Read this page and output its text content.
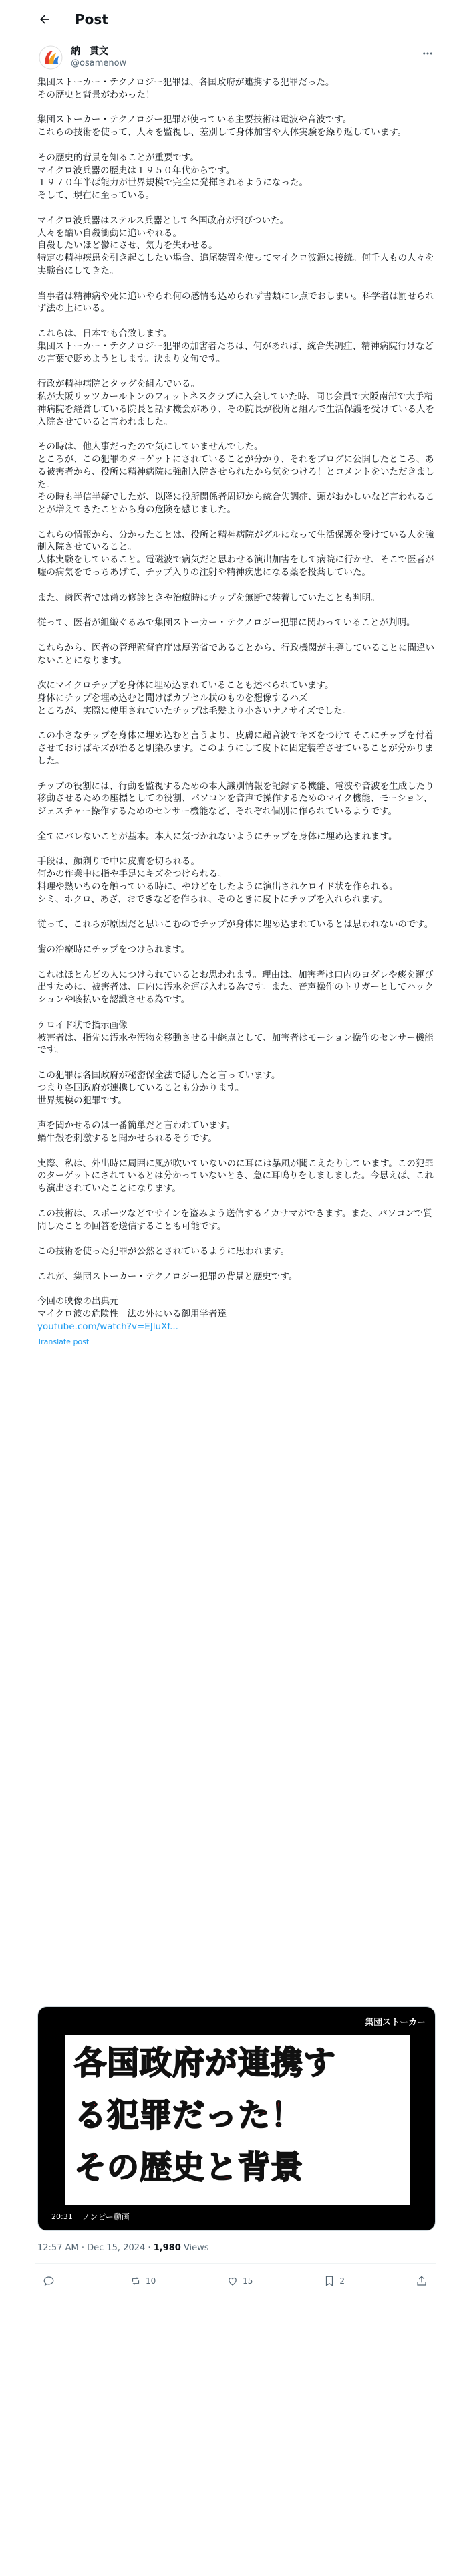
Post
納　貫文
@osamenow
集団ストーカー・テクノロジー犯罪は、各国政府が連携する犯罪だった。
その歴史と背景がわかった！
集団ストーカー・テクノロジー犯罪が使っている主要技術は電波や音波です。
これらの技術を使って、人々を監視し、差別して身体加害や人体実験を繰り返しています。
その歴史的背景を知ることが重要です。
マイクロ波兵器の歴史は１９５０年代からです。
１９７０年半ば能力が世界規模で完全に発揮されるようになった。
そして、現在に至っている。
マイクロ波兵器はステルス兵器として各国政府が飛びついた。
人々を酷い自殺衝動に追いやれる。
自殺したいほど鬱にさせ、気力を失わせる。
特定の精神疾患を引き起こしたい場合、追尾装置を使ってマイクロ波源に接続。何千人もの人々を実験台にしてきた。
当事者は精神病や死に追いやられ何の感情も込められず書類にレ点でおしまい。科学者は罰せられず法の上にいる。
これらは、日本でも合致します。
集団ストーカー・テクノロジー犯罪の加害者たちは、何があれば、統合失調症、精神病院行けなどの言葉で貶めようとします。決まり文句です。
行政が精神病院とタッグを組んでいる。
私が大阪リッツカールトンのフィットネスクラブに入会していた時、同じ会員で大阪南部で大手精神病院を経営している院長と話す機会があり、その院長が役所と組んで生活保護を受けている人を入院させていると言われました。
その時は、他人事だったので気にしていませんでした。
ところが、この犯罪のターゲットにされていることが分かり、それをブログに公開したところ、ある被害者から、役所に精神病院に強制入院させられたから気をつけろ！とコメントをいただきました。
その時も半信半疑でしたが、以降に役所関係者周辺から統合失調症、頭がおかしいなど言われることが増えてきたことから身の危険を感じました。
これらの情報から、分かったことは、役所と精神病院がグルになって生活保護を受けている人を強制入院させていること。
人体実験をしていること。電磁波で病気だと思わせる演出加害をして病院に行かせ、そこで医者が嘘の病気をでっちあげて、チップ入りの注射や精神疾患になる薬を投薬していた。
また、歯医者では歯の修診ときや治療時にチップを無断で装着していたことも判明。
従って、医者が組織ぐるみで集団ストーカー・テクノロジー犯罪に関わっていることが判明。
これらから、医者の管理監督官庁は厚労省であることから、行政機関が主導していることに間違いないことになります。
次にマイクロチップを身体に埋め込まれていることも述べられています。
身体にチップを埋め込むと聞けばカプセル状のものを想像するハズ
ところが、実際に使用されていたチップは毛髪より小さいナノサイズでした。
この小さなチップを身体に埋め込むと言うより、皮膚に超音波でキズをつけてそこにチップを付着させておけばキズが治ると馴染みます。このようにして皮下に固定装着させていることが分かりました。
チップの役割には、行動を監視するための本人識別情報を記録する機能、電波や音波を生成したり移動させるための座標としての役割、パソコンを音声で操作するためのマイク機能、モーション、ジェスチャー操作するためのセンサー機能など、それぞれ個別に作られているようです。
全てにバレないことが基本。本人に気づかれないようにチップを身体に埋め込まれます。
手段は、顔剃りで中に皮膚を切られる。
何かの作業中に指や手足にキズをつけられる。
料理や熱いものを触っている時に、やけどをしたように演出されケロイド状を作られる。
シミ、ホクロ、あざ、おできなどを作られ、そのときに皮下にチップを入れられます。
従って、これらが原因だと思いこむのでチップが身体に埋め込まれているとは思われないのです。
歯の治療時にチップをつけられます。
これはほとんどの人につけられているとお思われます。理由は、加害者は口内のヨダレや痰を運び出すために、被害者は、口内に汚水を運び入れる為です。また、音声操作のトリガーとしてハックションや咳払いを認識させる為です。
ケロイド状で指示画像
被害者は、指先に汚水や汚物を移動させる中継点として、加害者はモーション操作のセンサー機能です。
この犯罪は各国政府が秘密保全法で隠したと言っています。
つまり各国政府が連携していることも分かります。
世界規模の犯罪です。
声を聞かせるのは一番簡単だと言われています。
蝸牛殻を刺激すると聞かせられるそうです。
実際、私は、外出時に周囲に風が吹いていないのに耳には暴風が聞こえたりしています。この犯罪のターゲットにされているとは分かっていないとき、急に耳鳴りをしましました。今思えば、これも演出されていたことになります。
この技術は、スポーツなどでサインを盗みよう送信するイカサマができます。また、パソコンで質問したことの回答を送信することも可能です。
この技術を使った犯罪が公然とされているように思われます。
これが、集団ストーカー・テクノロジー犯罪の背景と歴史です。
今回の映像の出典元
マイクロ波の危険性　法の外にいる御用学者達
youtube.com/watch?v=EJluXf...
Translate post
集団ストーカー
各国政府が連携す
る犯罪だった！
その歴史と背景
20:31	ノンピー動画
12:57 AM · Dec 15, 2024 · 1,980 Views
10	15	2
